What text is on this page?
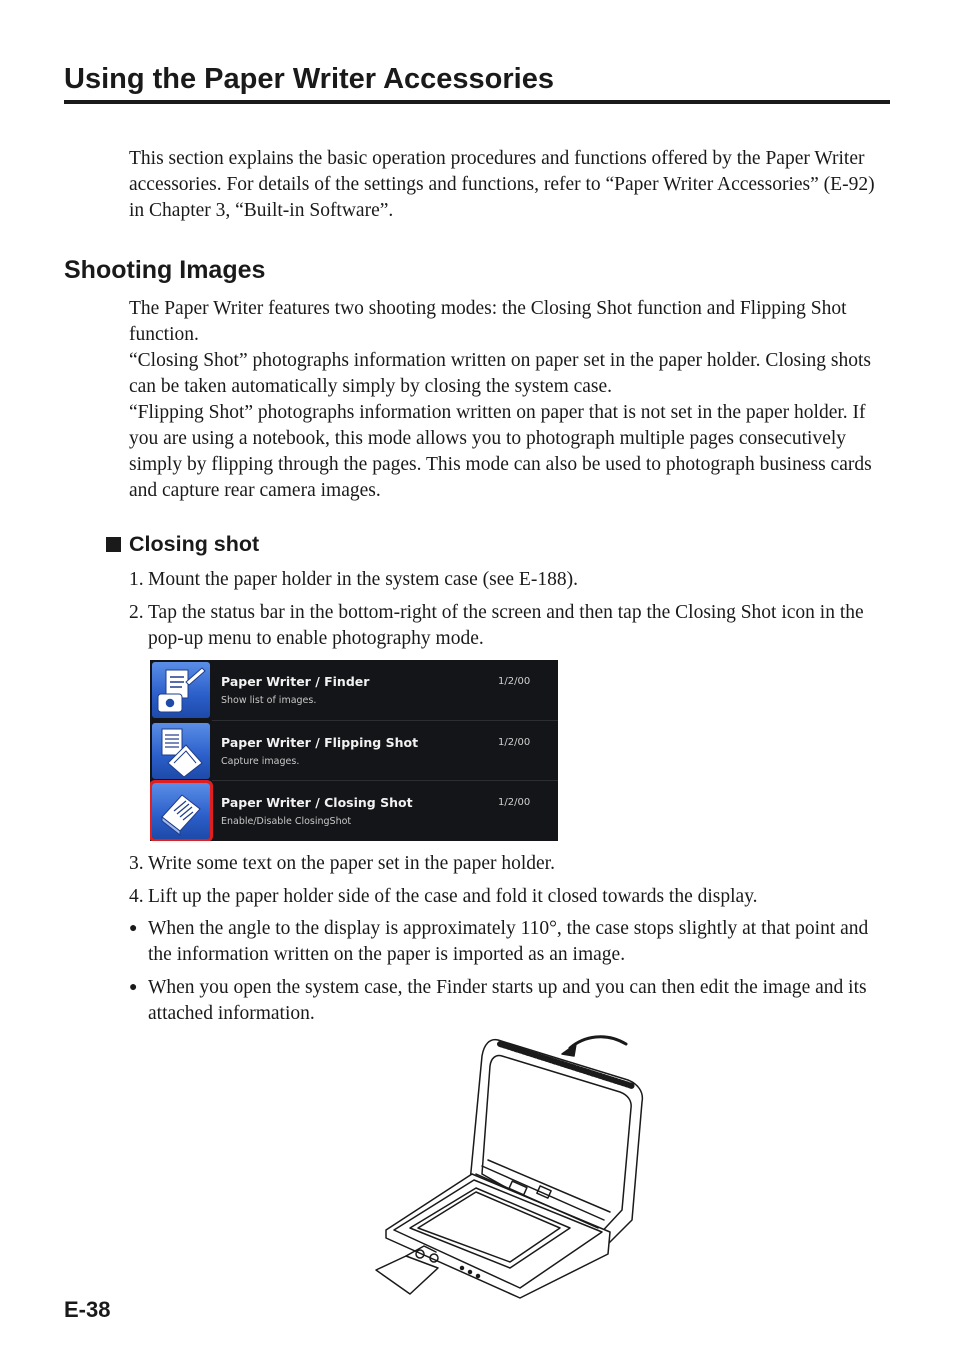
Using the Paper Writer Accessories
This section explains the basic operation procedures and functions offered by the Paper Writer accessories. For details of the settings and functions, refer to “Paper Writer Accessories” (E-92) in Chapter 3, “Built-in Software”.
Shooting Images

The Paper Writer features two shooting modes: the Closing Shot function and Flipping Shot function.

“Closing Shot” photographs information written on paper set in the paper holder. Closing shots can be taken automatically simply by closing the system case.

“Flipping Shot” photographs information written on paper that is not set in the paper holder. If you are using a notebook, this mode allows you to photograph multiple pages consecutively simply by flipping through the pages. This mode can also be used to photograph business cards and capture rear camera images.

Closing shot
1. Mount the paper holder in the system case (see E-188).
2. Tap the status bar in the bottom-right of the screen and then tap the Closing Shot icon in the pop-up menu to enable photography mode.
Paper Writer / Finder
Show list of images.
1/2/00
Paper Writer / Flipping Shot
Capture images.
1/2/00
Paper Writer / Closing Shot
Enable/Disable ClosingShot
1/2/00
3. Write some text on the paper set in the paper holder.
4. Lift up the paper holder side of the case and fold it closed towards the display.
● When the angle to the display is approximately 110°, the case stops slightly at that point and the information written on the paper is imported as an image.
● When you open the system case, the Finder starts up and you can then edit the image and its attached information.
E-38
